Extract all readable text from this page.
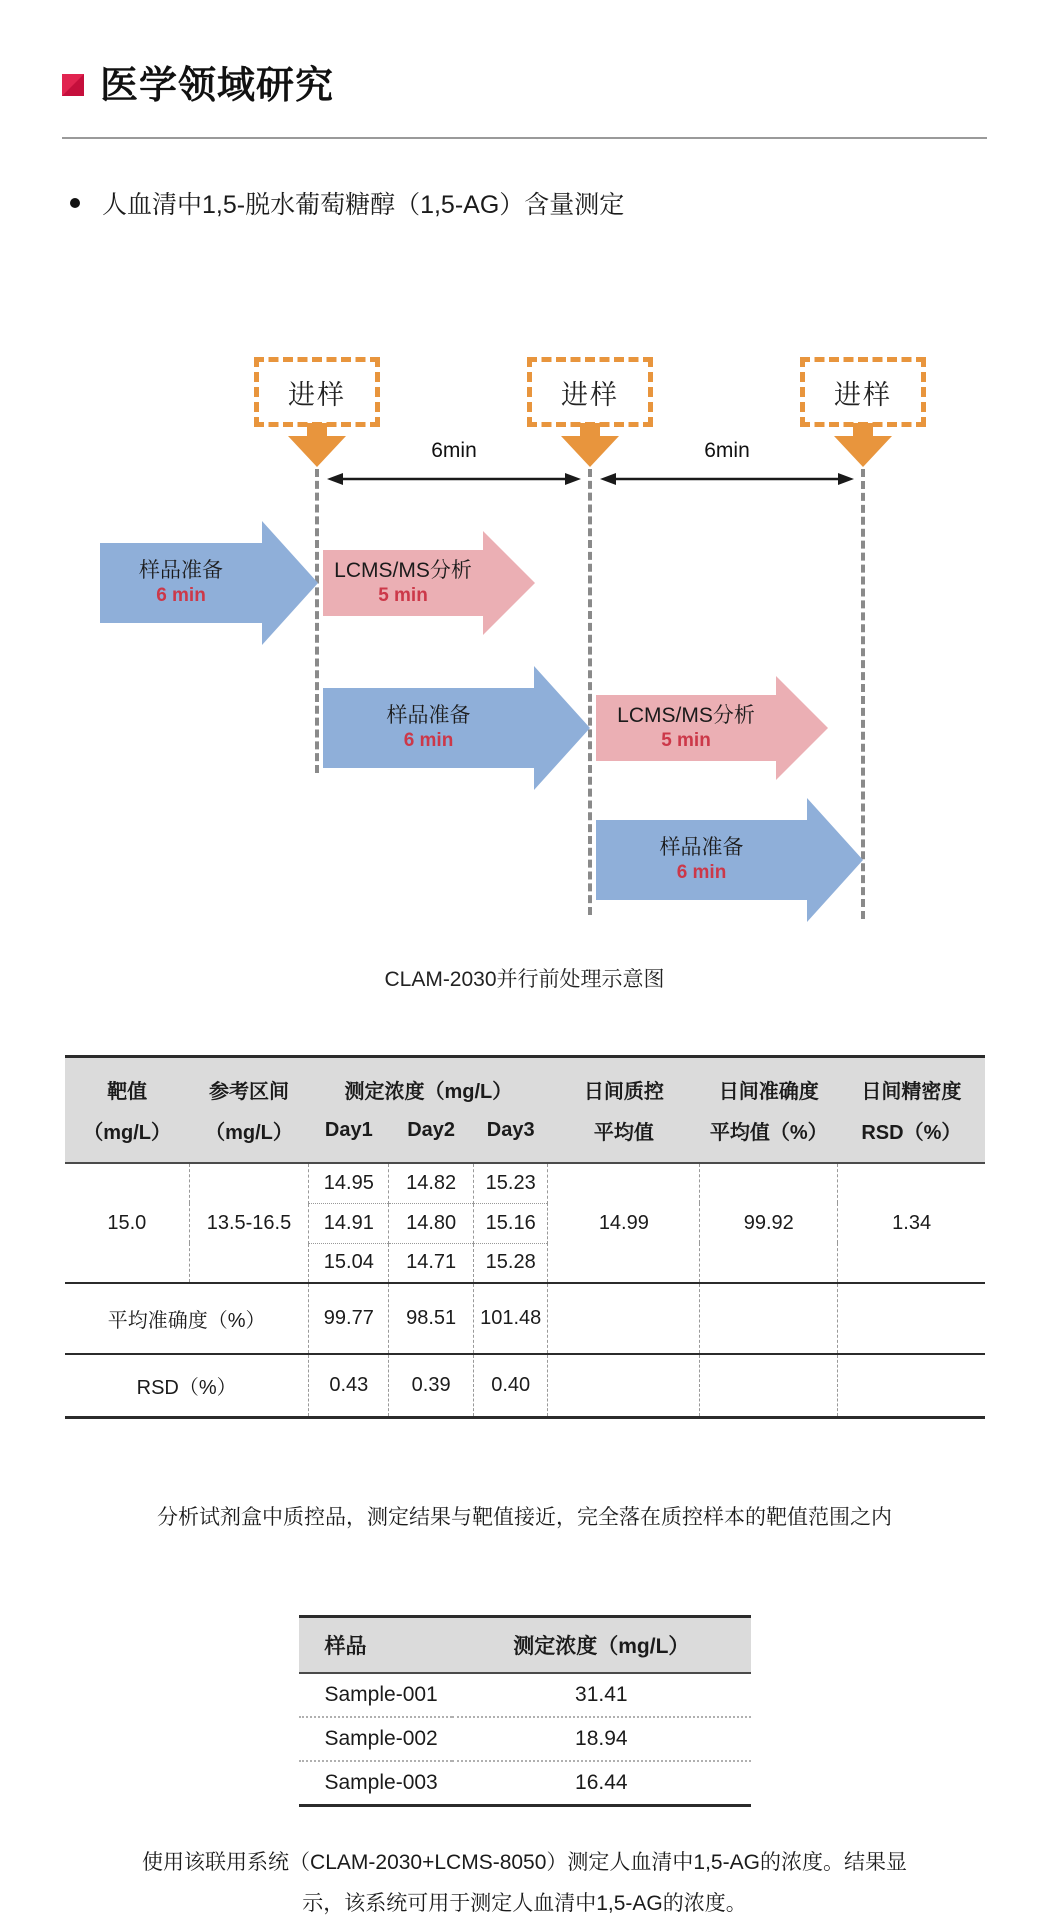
医学领域研究
人血清中1,5-脱水葡萄糖醇（1,5-AG）含量测定
进样	进样	进样
6min	6min
样品准备
6 min
LCMS/MS分析
5 min
样品准备
6 min
LCMS/MS分析
5 min
样品准备
6 min
CLAM-2030并行前处理示意图
靶值	参考区间	测定浓度（mg/L）			日间质控	日间准确度	日间精密度
（mg/L）	（mg/L）	Day1	Day2	Day3	平均值	平均值（%）	RSD（%）
15.0	13.5-16.5	14.95	14.82	15.23	14.99	99.92	1.34
		14.91	14.80	15.16			
		15.04	14.71	15.28			
平均准确度（%）		99.77	98.51	101.48			
RSD（%）		0.43	0.39	0.40			
分析试剂盒中质控品，测定结果与靶值接近，完全落在质控样本的靶值范围之内
样品	测定浓度（mg/L）
Sample-001	31.41
Sample-002	18.94
Sample-003	16.44
使用该联用系统（CLAM-2030+LCMS-8050）测定人血清中1,5-AG的浓度。结果显示，该系统可用于测定人血清中1,5-AG的浓度。
